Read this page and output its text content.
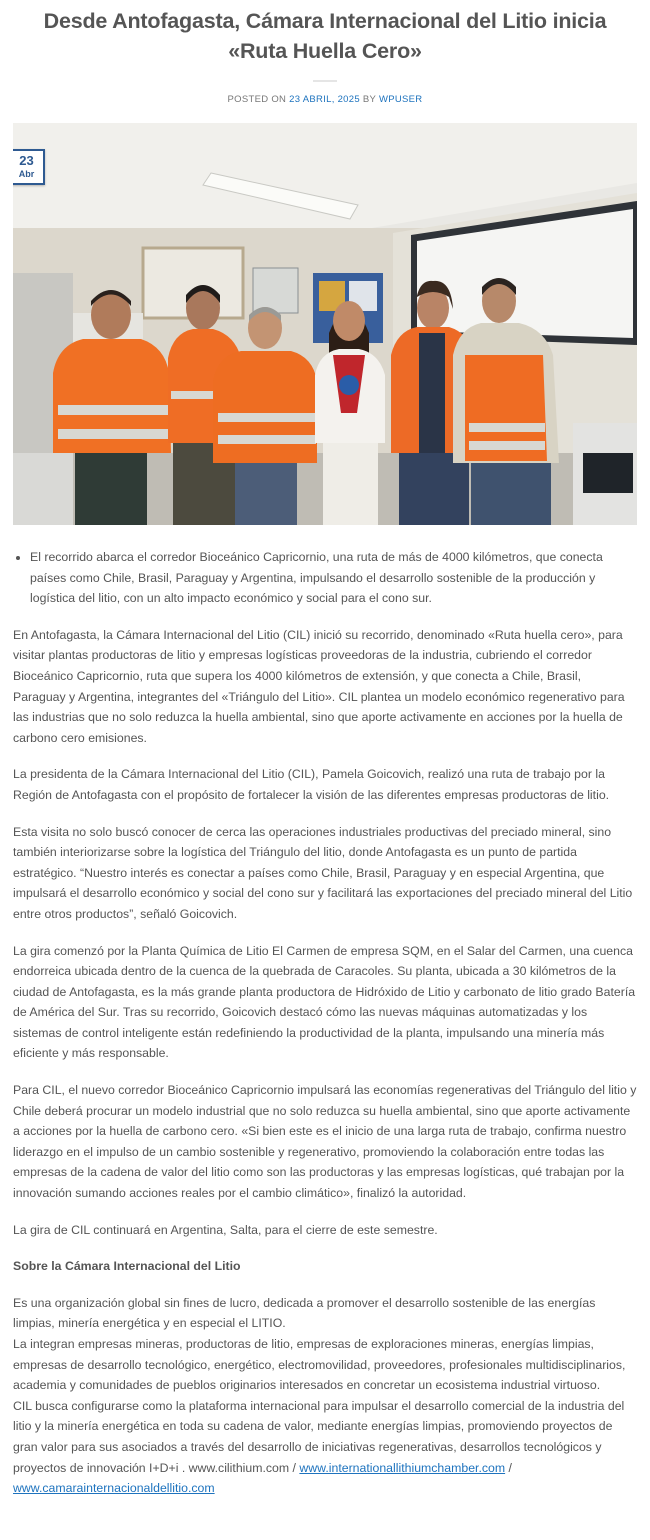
Desde Antofagasta, Cámara Internacional del Litio inicia «Ruta Huella Cero»
POSTED ON 23 ABRIL, 2025 BY WPUSER
23
Abr
• El recorrido abarca el corredor Bioceánico Capricornio, una ruta de más de 4000 kilómetros, que conecta países como Chile, Brasil, Paraguay y Argentina, impulsando el desarrollo sostenible de la producción y logística del litio, con un alto impacto económico y social para el cono sur.

En Antofagasta, la Cámara Internacional del Litio (CIL) inició su recorrido, denominado «Ruta huella cero», para visitar plantas productoras de litio y empresas logísticas proveedoras de la industria, cubriendo el corredor Bioceánico Capricornio, ruta que supera los 4000 kilómetros de extensión, y que conecta a Chile, Brasil, Paraguay y Argentina, integrantes del «Triángulo del Litio». CIL plantea un modelo económico regenerativo para las industrias que no solo reduzca la huella ambiental, sino que aporte activamente en acciones por la huella de carbono cero emisiones.

La presidenta de la Cámara Internacional del Litio (CIL), Pamela Goicovich, realizó una ruta de trabajo por la Región de Antofagasta con el propósito de fortalecer la visión de las diferentes empresas productoras de litio.

Esta visita no solo buscó conocer de cerca las operaciones industriales productivas del preciado mineral, sino también interiorizarse sobre la logística del Triángulo del litio, donde Antofagasta es un punto de partida estratégico. “Nuestro interés es conectar a países como Chile, Brasil, Paraguay y en especial Argentina, que impulsará el desarrollo económico y social del cono sur y facilitará las exportaciones del preciado mineral del Litio entre otros productos”, señaló Goicovich.

La gira comenzó por la Planta Química de Litio El Carmen de empresa SQM, en el Salar del Carmen, una cuenca endorreica ubicada dentro de la cuenca de la quebrada de Caracoles. Su planta, ubicada a 30 kilómetros de la ciudad de Antofagasta, es la más grande planta productora de Hidróxido de Litio y carbonato de litio grado Batería de América del Sur. Tras su recorrido, Goicovich destacó cómo las nuevas máquinas automatizadas y los sistemas de control inteligente están redefiniendo la productividad de la planta, impulsando una minería más eficiente y más responsable.

Para CIL, el nuevo corredor Bioceánico Capricornio impulsará las economías regenerativas del Triángulo del litio y Chile deberá procurar un modelo industrial que no solo reduzca su huella ambiental, sino que aporte activamente a acciones por la huella de carbono cero. «Si bien este es el inicio de una larga ruta de trabajo, confirma nuestro liderazgo en el impulso de un cambio sostenible y regenerativo, promoviendo la colaboración entre todas las empresas de la cadena de valor del litio como son las productoras y las empresas logísticas, qué trabajan por la innovación sumando acciones reales por el cambio climático», finalizó la autoridad.

La gira de CIL continuará en Argentina, Salta, para el cierre de este semestre.

Sobre la Cámara Internacional del Litio

Es una organización global sin fines de lucro, dedicada a promover el desarrollo sostenible de las energías limpias, minería energética y en especial el LITIO.

La integran empresas mineras, productoras de litio, empresas de exploraciones mineras, energías limpias, empresas de desarrollo tecnológico, energético, electromovilidad, proveedores, profesionales multidisciplinarios, academia y comunidades de pueblos originarios interesados en concretar un ecosistema industrial virtuoso.

CIL busca configurarse como la plataforma internacional para impulsar el desarrollo comercial de la industria del litio y la minería energética en toda su cadena de valor, mediante energías limpias, promoviendo proyectos de gran valor para sus asociados a través del desarrollo de iniciativas regenerativas, desarrollos tecnológicos y proyectos de innovación I+D+i . www.cilithium.com / www.internationallithiumchamber.com / www.camarainternacionaldellitio.com
